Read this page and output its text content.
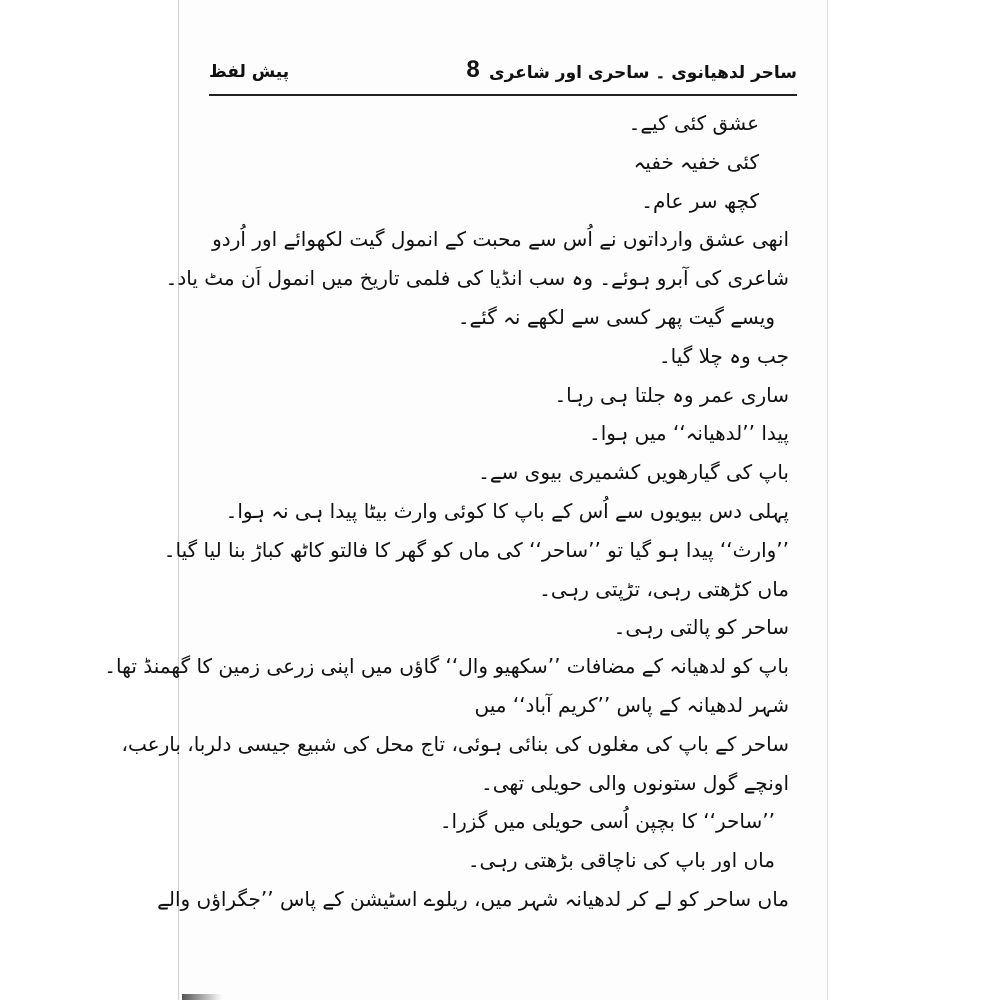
ساحر لدھیانوی ۔ ساحری اور شاعری
8
پیش لفظ
عشق کئی کیے۔
کئی خفیہ خفیہ
کچھ سر عام۔
انھی عشق وارداتوں نے اُس سے محبت کے انمول گیت لکھوائے اور اُردو
شاعری کی آبرو ہوئے۔ وہ سب انڈیا کی فلمی تاریخ میں انمول اَن مٹ یاد۔
ویسے گیت پھر کسی سے لکھے نہ گئے۔
جب وہ چلا گیا۔
ساری عمر وہ جلتا ہی رہا۔
پیدا ’’لدھیانہ‘‘ میں ہوا۔
باپ کی گیارھویں کشمیری بیوی سے۔
پہلی دس بیویوں سے اُس کے باپ کا کوئی وارث بیٹا پیدا ہی نہ ہوا۔
’’وارث‘‘ پیدا ہو گیا تو ’’ساحر‘‘ کی ماں کو گھر کا فالتو کاٹھ کباڑ بنا لیا گیا۔
ماں کڑھتی رہی، تڑپتی رہی۔
ساحر کو پالتی رہی۔
باپ کو لدھیانہ کے مضافات ’’سکھیو وال‘‘ گاؤں میں اپنی زرعی زمین کا گھمنڈ تھا۔
شہر لدھیانہ کے پاس ’’کریم آباد‘‘ میں
ساحر کے باپ کی مغلوں کی بنائی ہوئی، تاج محل کی شبیع جیسی دلربا، بارعب،
اونچے گول ستونوں والی حویلی تھی۔
’’ساحر‘‘ کا بچپن اُسی حویلی میں گزرا۔
ماں اور باپ کی ناچاقی بڑھتی رہی۔
ماں ساحر کو لے کر لدھیانہ شہر میں، ریلوے اسٹیشن کے پاس ’’جگراؤں والے
